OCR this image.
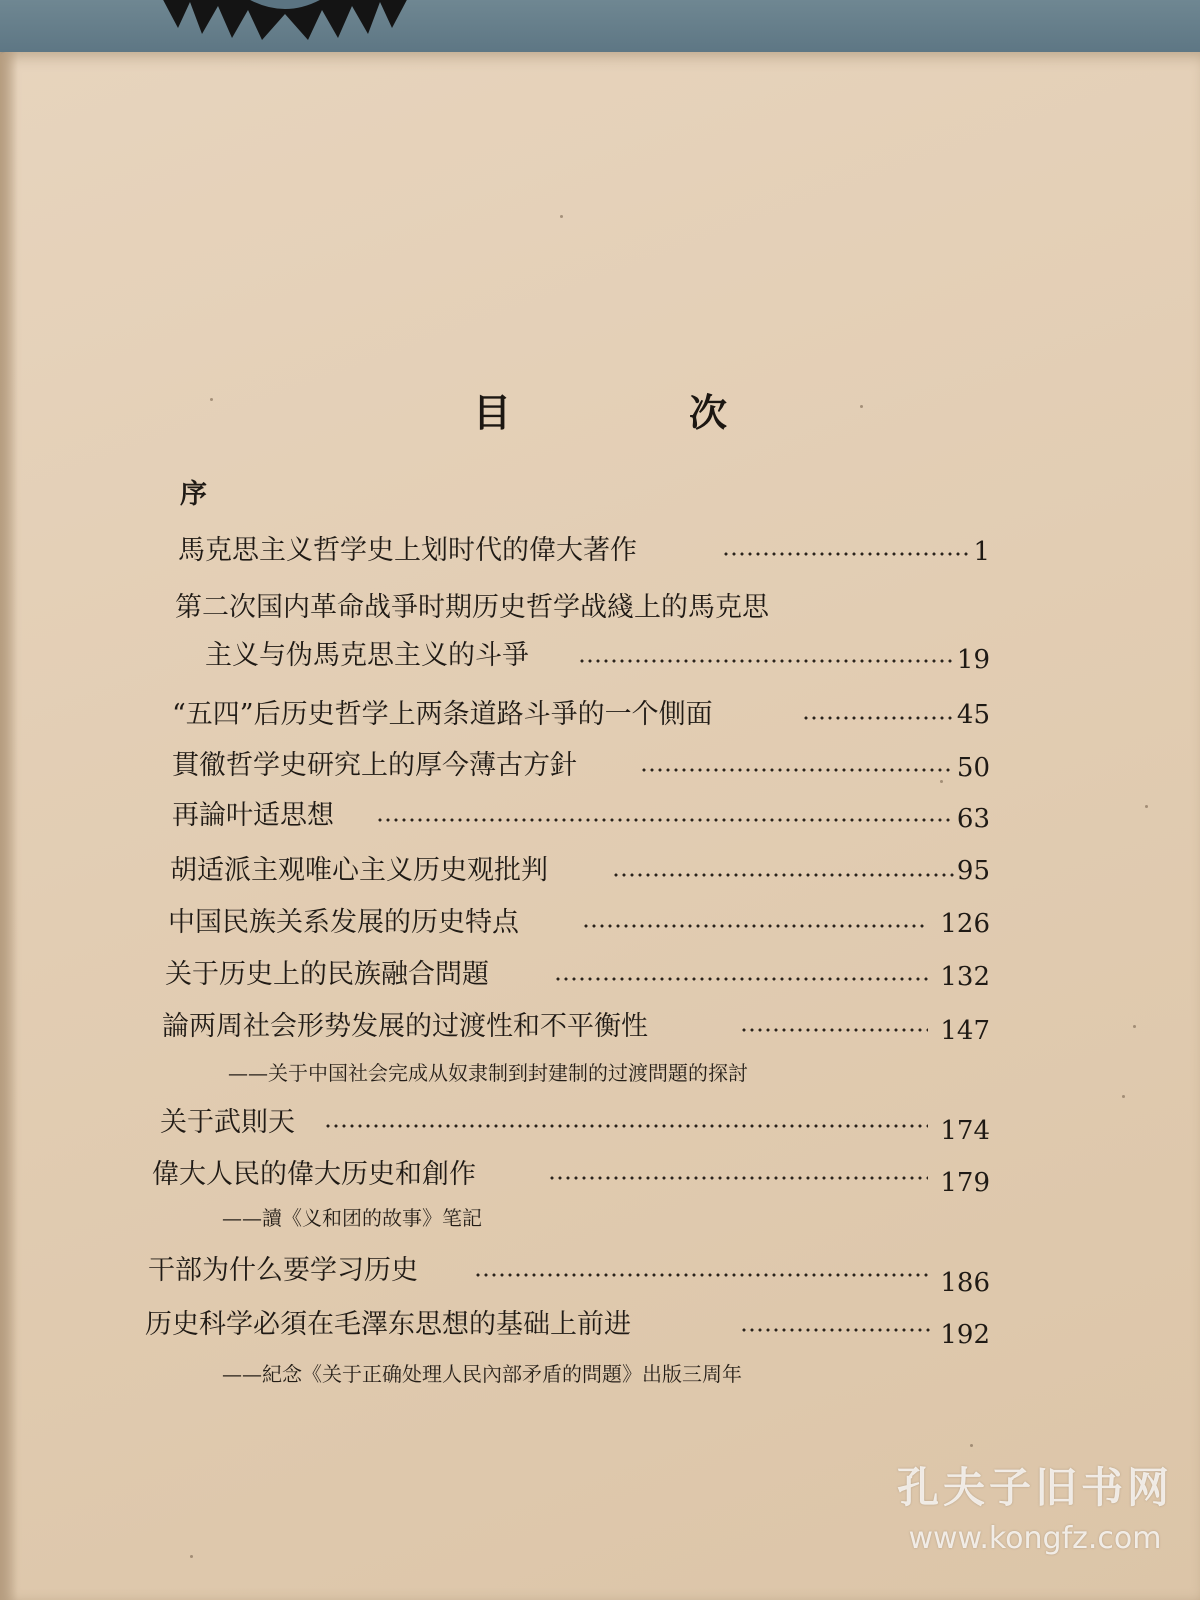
目　次
序
馬克思主义哲学史上划时代的偉大著作	1
第二次国内革命战爭时期历史哲学战綫上的馬克思
主义与伪馬克思主义的斗爭	19
“五四”后历史哲学上两条道路斗爭的一个側面	45
貫徹哲学史研究上的厚今薄古方針	50
再論叶适思想	63
胡适派主观唯心主义历史观批判	95
中国民族关系发展的历史特点	126
关于历史上的民族融合問題	132
論两周社会形势发展的过渡性和不平衡性	147
——关于中国社会完成从奴隶制到封建制的过渡問題的探討
关于武則天	174
偉大人民的偉大历史和創作	179
——讀《义和团的故事》笔記
干部为什么要学习历史	186
历史科学必須在毛澤东思想的基础上前进	192
——紀念《关于正确处理人民內部矛盾的問題》出版三周年
孔夫子旧书网
www.kongfz.com
